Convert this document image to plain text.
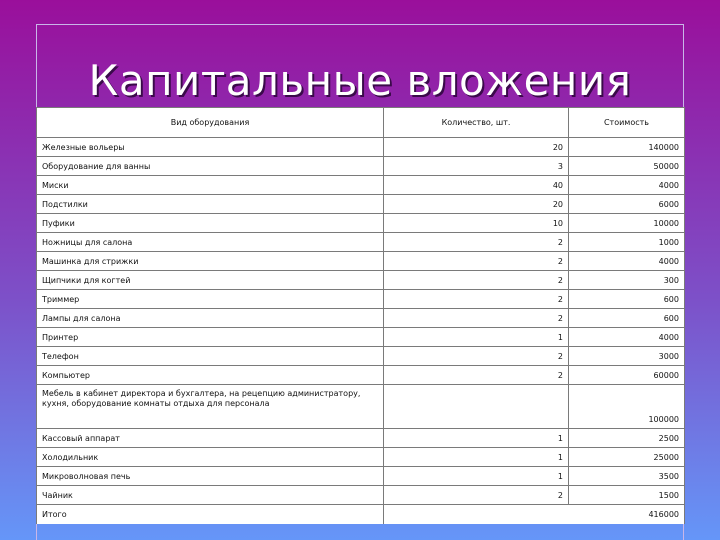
Капитальные вложения
Вид оборудования	Количество, шт.	Стоимость
Железные вольеры	20	140000
Оборудование для ванны	3	50000
Миски	40	4000
Подстилки	20	6000
Пуфики	10	10000
Ножницы для салона	2	1000
Машинка для стрижки	2	4000
Щипчики для когтей	2	300
Триммер	2	600
Лампы для салона	2	600
Принтер	1	4000
Телефон	2	3000
Компьютер	2	60000
Мебель в кабинет директора и бухгалтера, на рецепцию администратору, кухня, оборудование комнаты отдыха для персонала		100000
Кассовый аппарат	1	2500
Холодильник	1	25000
Микроволновая печь	1	3500
Чайник	2	1500
Итого	416000	
